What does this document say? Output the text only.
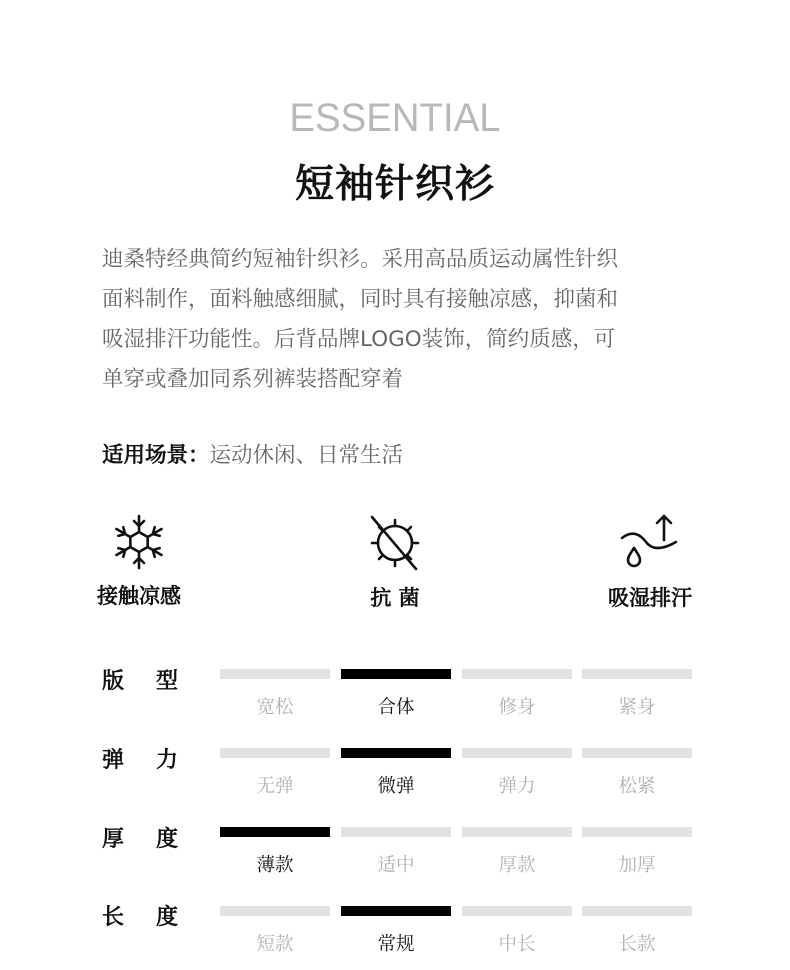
ESSENTIAL
短袖针织衫
迪桑特经典简约短袖针织衫。采用高品质运动属性针织
面料制作，面料触感细腻，同时具有接触凉感，抑菌和
吸湿排汗功能性。后背品牌LOGO装饰，简约质感，可
单穿或叠加同系列裤装搭配穿着
适用场景：运动休闲、日常生活
接触凉感	抗 菌	吸湿排汗
版 型
宽松	合体	修身	紧身
弹 力
无弹	微弹	弹力	松紧
厚 度
薄款	适中	厚款	加厚
长 度
短款	常规	中长	长款
